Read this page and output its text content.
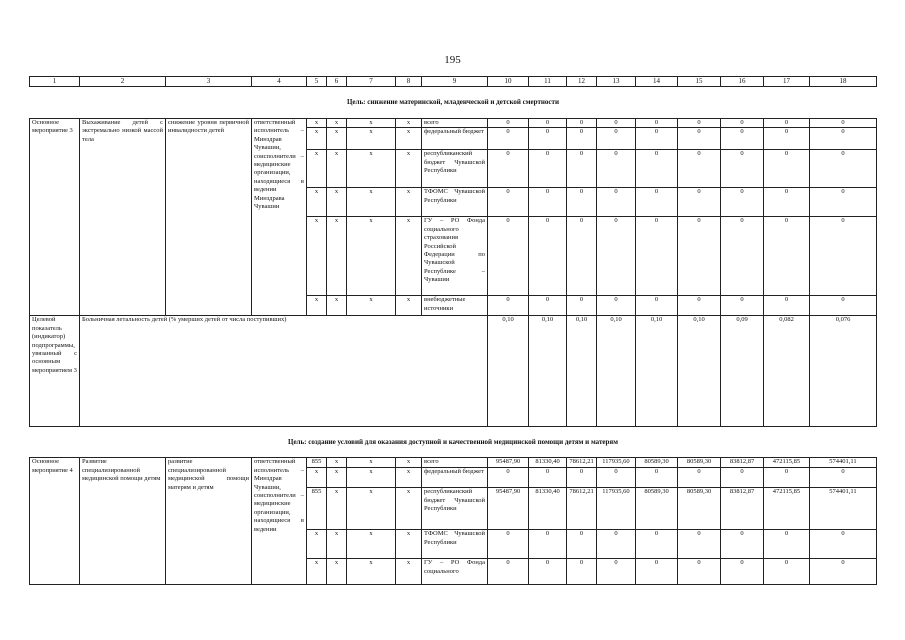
195
1	2	3	4	5	6	7	8	9	10	11	12	13	14	15	16	17	18
Цель: снижение материнской, младенческой и детской смертности																	
Основное мероприятие 3	Выхаживание детей с экстремально низкой массой тела	снижение уровня первичной инвалидности детей	ответственный исполнитель – Минздрав Чувашии, соисполнители – медицинские организации, находящиеся в ведении Минздрава Чувашии	x	x	x	x	всего	0	0	0	0	0	0	0	0	0
				x	x	x	x	федеральный бюджет	0	0	0	0	0	0	0	0	0
				x	x	x	x	республиканский бюджет Чувашской Республики	0	0	0	0	0	0	0	0	0
				x	x	x	x	ТФОМС Чувашской Республики	0	0	0	0	0	0	0	0	0
				x	x	x	x	ГУ – РО Фонда социального страхования Российской Федерации по Чувашской Республике – Чувашии	0	0	0	0	0	0	0	0	0
				x	x	x	x	внебюджетные источники	0	0	0	0	0	0	0	0	0
Целевой показатель (индикатор) подпрограммы, увязанный с основным мероприятием 3	Больничная летальность детей (% умерших детей от числа поступивших)								0,10	0,10	0,10	0,10	0,10	0,10	0,09	0,082	0,076
Цель: создание условий для оказания доступной и качественной медицинской помощи детям и матерям																	
Основное мероприятие 4	Развитие специализированной медицинской помощи детям	развитие специализированной медицинской помощи матерям и детям	ответственный исполнитель – Минздрав Чувашии, соисполнители – медицинские организации, находящиеся в ведении	855	x	x	x	всего	95487,90	81330,40	78612,21	117935,60	80589,30	80589,30	83812,87	472115,85	574401,11
				x	x	x	x	федеральный бюджет	0	0	0	0	0	0	0	0	0
				855	x	x	x	республиканский бюджет Чувашской Республики	95487,90	81330,40	78612,21	117935,60	80589,30	80589,30	83812,87	472115,85	574401,11
				x	x	x	x	ТФОМС Чувашской Республики	0	0	0	0	0	0	0	0	0
				x	x	x	x	ГУ – РО Фонда социального	0	0	0	0	0	0	0	0	0
